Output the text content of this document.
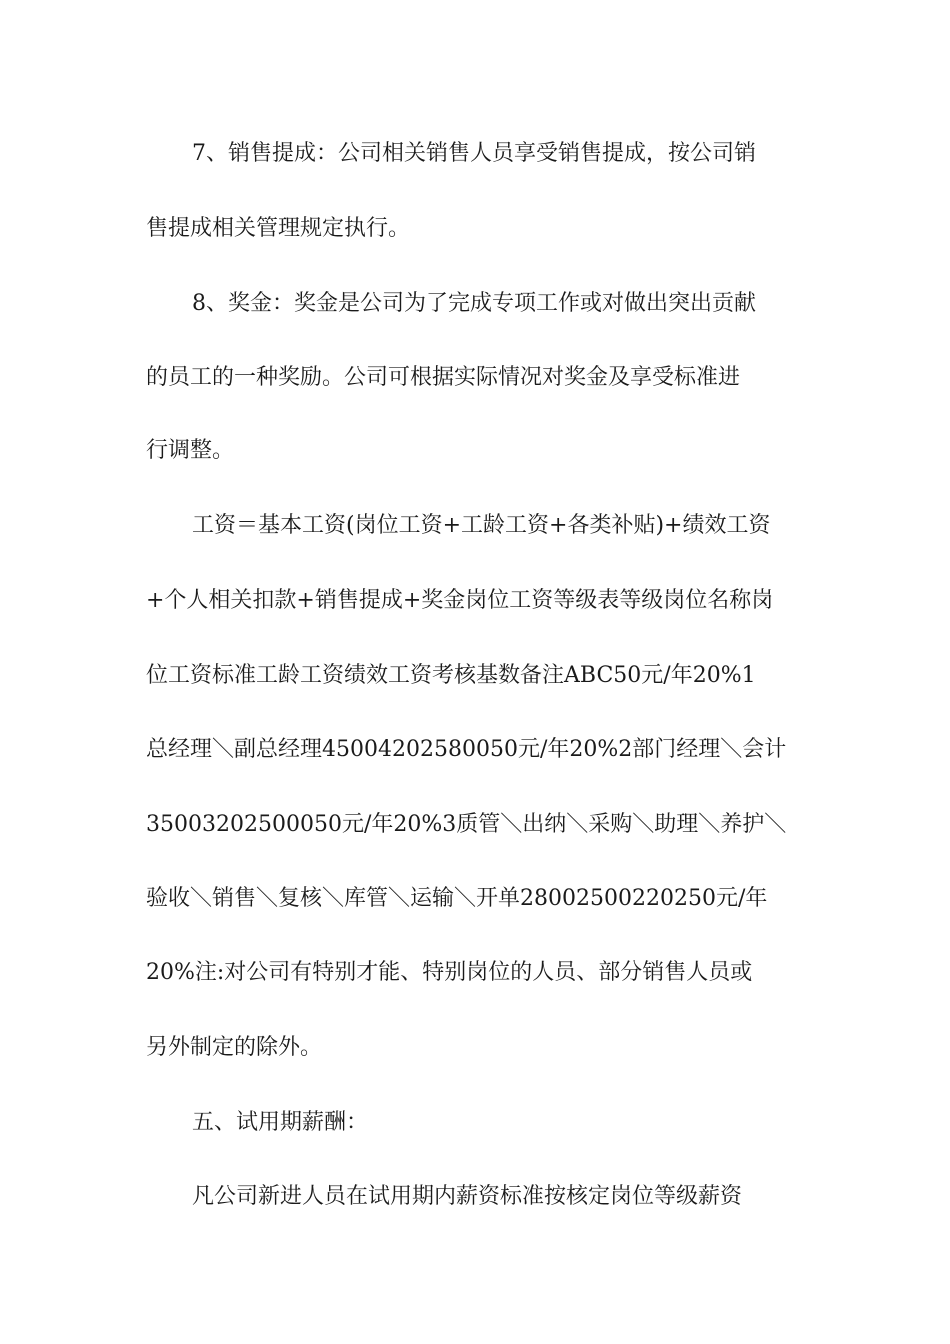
7、销售提成：公司相关销售人员享受销售提成，按公司销
售提成相关管理规定执行。
8、奖金：奖金是公司为了完成专项工作或对做出突出贡献
的员工的一种奖励。公司可根据实际情况对奖金及享受标准进
行调整。
工资＝基本工资(岗位工资+工龄工资+各类补贴)+绩效工资
+个人相关扣款+销售提成+奖金岗位工资等级表等级岗位名称岗
位工资标准工龄工资绩效工资考核基数备注ABC50元/年20%1
总经理＼副总经理45004202580050元/年20%2部门经理＼会计
35003202500050元/年20%3质管＼出纳＼采购＼助理＼养护＼
验收＼销售＼复核＼库管＼运输＼开单28002500220250元/年
20%注:对公司有特别才能、特别岗位的人员、部分销售人员或
另外制定的除外。
五、试用期薪酬：
凡公司新进人员在试用期内薪资标准按核定岗位等级薪资
